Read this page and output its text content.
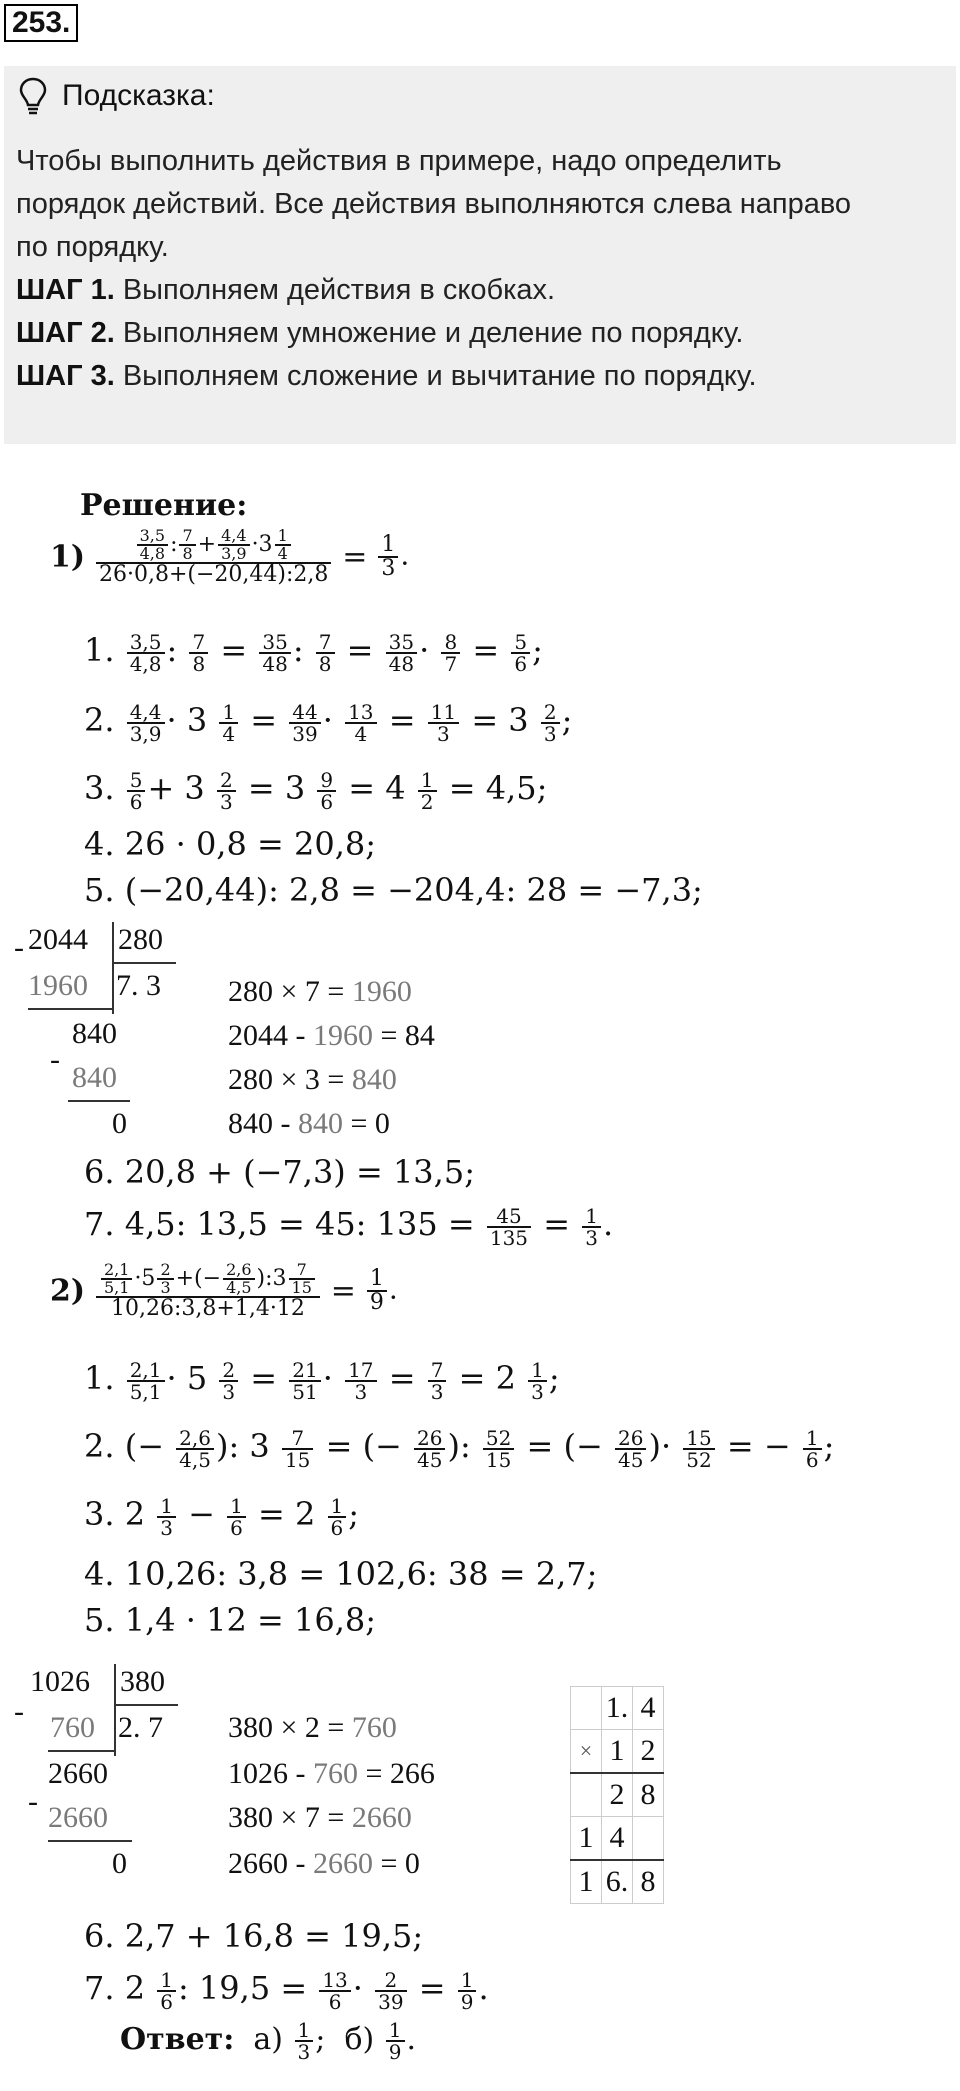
253.
Подсказка:
Чтобы выполнить действия в примере, надо определить
порядок действий. Все действия выполняются слева направо
по порядку.
ШАГ 1. Выполняем действия в скобках.
ШАГ 2. Выполняем умножение и деление по порядку.
ШАГ 3. Выполняем сложение и вычитание по порядку.
Решение:
$1) \frac{\frac{3,5}{4,8} : \frac{7}{8} + \frac{4,4}{3,9} \cdot 3 \frac{1}{4}}{26\cdot 0,8+(-20,44):2,8} = \frac{1}{3}$ .
1. $\frac{3,5}{4,8}$ : $\frac{7}{8} = \frac{35}{48}$ : $\frac{7}{8} = \frac{35}{48} \cdot \frac{8}{7} = \frac{5}{6}$ ;
2. $\frac{4,4}{3,9} \cdot 3 \frac{1}{4} = \frac{44}{39} \cdot \frac{13}{4} = \frac{11}{3} = 3 \frac{2}{3}$ ;
3. $\frac{5}{6} + 3 \frac{2}{3} = 3 \frac{9}{6} = 4 \frac{1}{2} = 4,5$;
4. 26 · 0,8 = 20,8;
5. (−20,44): 2,8 = −204,4: 28 = −7,3;
- 2044 280
1960 7. 3
840
-
840
0
280 × 7 = 1960
2044 - 1960 = 84
280 × 3 = 840
840 - 840 = 0
6. 20,8 + (−7,3) = 13,5;
7. 4,5: 13,5 = 45: $135 = \frac{45}{135} = \frac{1}{3}$ .
$2) \frac{\frac{2,1}{5,1} \cdot 5 \frac{2}{3} +(- \frac{2,6}{4,5} ):3 \frac{7}{15}}{10,26:3,8+1,4\cdot 12} = \frac{1}{9}$ .
1. $\frac{2,1}{5,1} \cdot 5 \frac{2}{3} = \frac{21}{51} \cdot \frac{17}{3} = \frac{7}{3} = 2 \frac{1}{3}$ ;
2. (− $\frac{2,6}{4,5}$ ): $3 \frac{7}{15}$ = (− $\frac{26}{45}$ ): $\frac{52}{15}$ = (− $\frac{26}{45}$ )· $\frac{15}{52}$ = − $\frac{1}{6}$ ;
3. $2 \frac{1}{3} - \frac{1}{6} = 2 \frac{1}{6}$ ;
4. 10,26: 3,8 = 102,6: 38 = 2,7;
5. 1,4 · 12 = 16,8;
-
1026 380
760 2. 7
2660
- 2660
0
380 × 2 = 760
1026 - 760 = 266
380 × 7 = 2660
2660 - 2660 = 0
	1.	4
×	1	2
	2	8
1	4	
1	6.	8
6. 2,7 + 16,8 = 19,5;
7. $2 \frac{1}{6}$ : $19,5 = \frac{13}{6} \cdot \frac{2}{39} = \frac{1}{9}$ .
Ответ: $а) \frac{1}{3}$ ;  $б) \frac{1}{9}$ .
